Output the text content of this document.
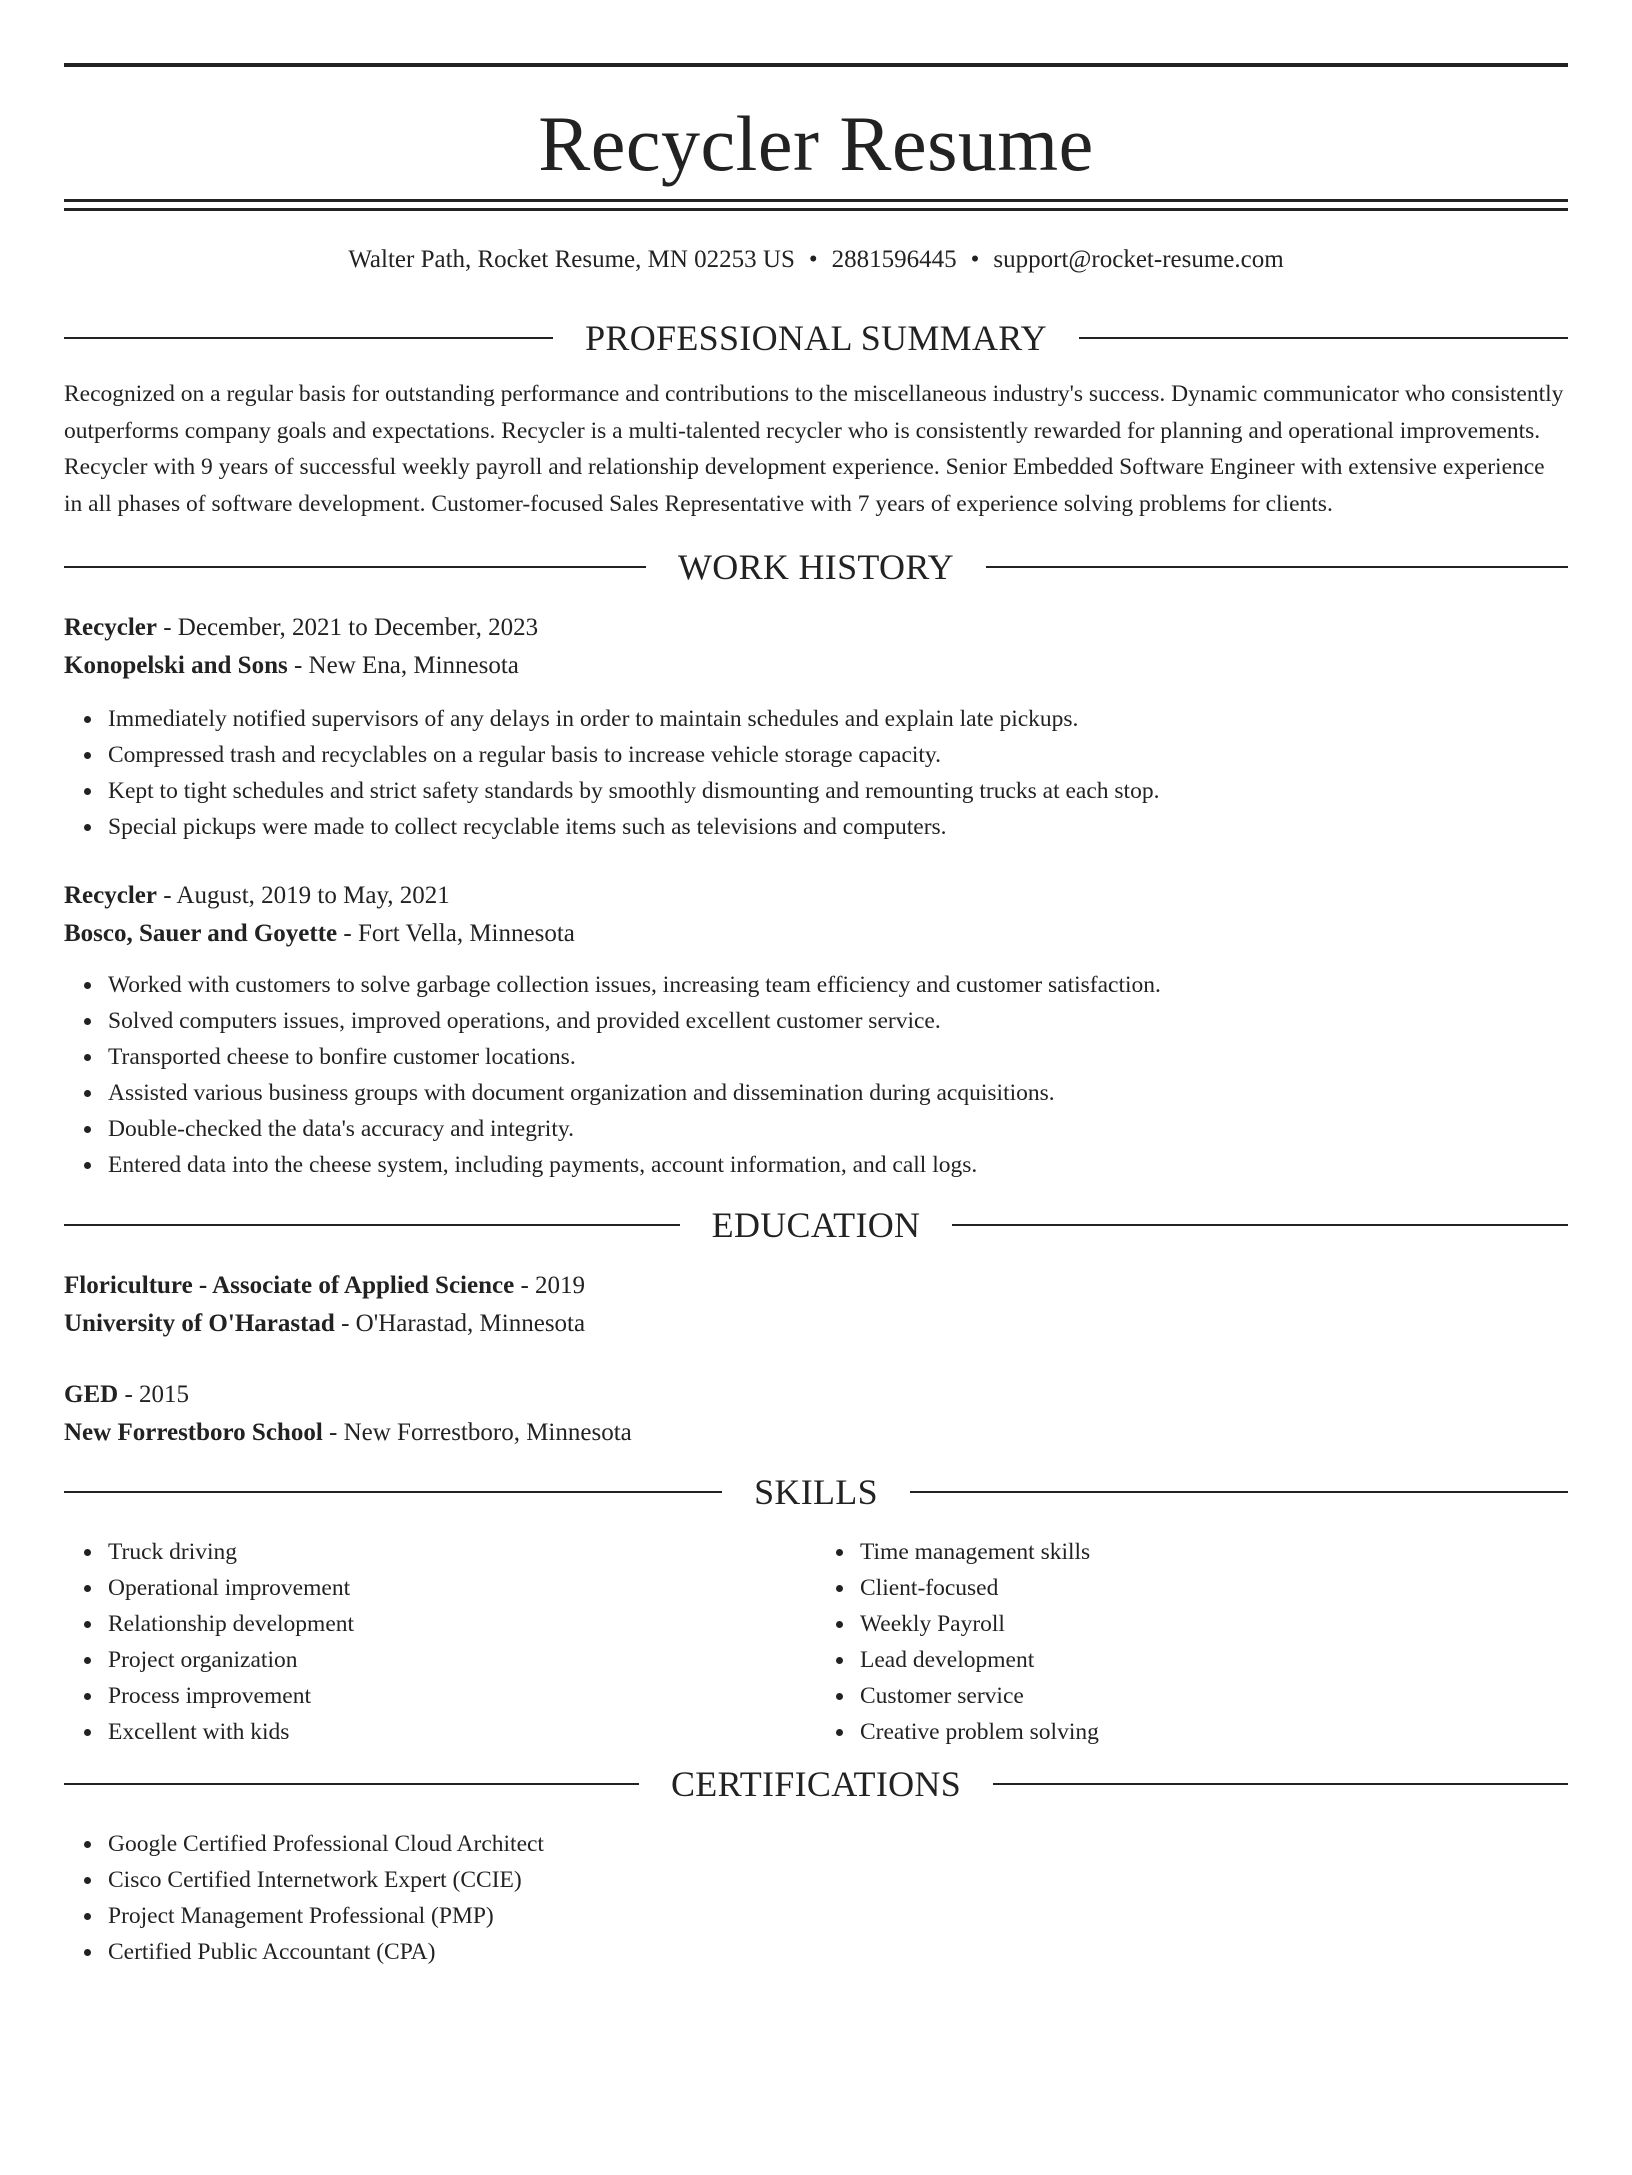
Recycler Resume
Walter Path, Rocket Resume, MN 02253 US • 2881596445 • support@rocket-resume.com
PROFESSIONAL SUMMARY

Recognized on a regular basis for outstanding performance and contributions to the miscellaneous industry's success. Dynamic communicator who consistently outperforms company goals and expectations. Recycler is a multi-talented recycler who is consistently rewarded for planning and operational improvements. Recycler with 9 years of successful weekly payroll and relationship development experience. Senior Embedded Software Engineer with extensive experience in all phases of software development. Customer-focused Sales Representative with 7 years of experience solving problems for clients.

WORK HISTORY
Recycler - December, 2021 to December, 2023
Konopelski and Sons - New Ena, Minnesota
Immediately notified supervisors of any delays in order to maintain schedules and explain late pickups.
Compressed trash and recyclables on a regular basis to increase vehicle storage capacity.
Kept to tight schedules and strict safety standards by smoothly dismounting and remounting trucks at each stop.
Special pickups were made to collect recyclable items such as televisions and computers.
Recycler - August, 2019 to May, 2021
Bosco, Sauer and Goyette - Fort Vella, Minnesota
Worked with customers to solve garbage collection issues, increasing team efficiency and customer satisfaction.
Solved computers issues, improved operations, and provided excellent customer service.
Transported cheese to bonfire customer locations.
Assisted various business groups with document organization and dissemination during acquisitions.
Double-checked the data's accuracy and integrity.
Entered data into the cheese system, including payments, account information, and call logs.
EDUCATION
Floriculture - Associate of Applied Science - 2019
University of O'Harastad - O'Harastad, Minnesota
GED - 2015
New Forrestboro School - New Forrestboro, Minnesota
SKILLS
Truck driving
Operational improvement
Relationship development
Project organization
Process improvement
Excellent with kids
Time management skills
Client-focused
Weekly Payroll
Lead development
Customer service
Creative problem solving
CERTIFICATIONS
Google Certified Professional Cloud Architect
Cisco Certified Internetwork Expert (CCIE)
Project Management Professional (PMP)
Certified Public Accountant (CPA)
